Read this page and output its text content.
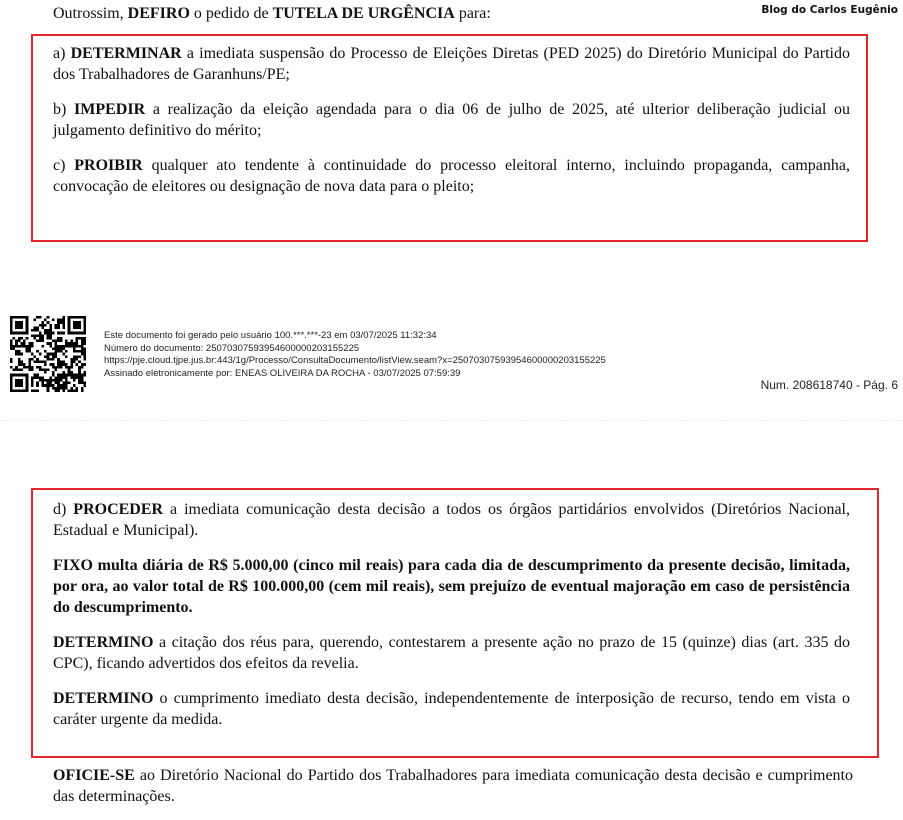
Blog do Carlos Eugênio
Outrossim, DEFIRO o pedido de TUTELA DE URGÊNCIA para:

a) DETERMINAR a imediata suspensão do Processo de Eleições Diretas (PED 2025) do Diretório Municipal do Partido dos Trabalhadores de Garanhuns/PE;

b) IMPEDIR a realização da eleição agendada para o dia 06 de julho de 2025, até ulterior deliberação judicial ou julgamento definitivo do mérito;

c) PROIBIR qualquer ato tendente à continuidade do processo eleitoral interno, incluindo propaganda, campanha, convocação de eleitores ou designação de nova data para o pleito;

Este documento foi gerado pelo usuário 100.***.***-23 em 03/07/2025 11:32:34
Número do documento: 25070307593954600000203155225
https://pje.cloud.tjpe.jus.br:443/1g/Processo/ConsultaDocumento/listView.seam?x=25070307593954600000203155225
Assinado eletronicamente por: ENEAS OLIVEIRA DA ROCHA - 03/07/2025 07:59:39
Num. 208618740 - Pág. 6

d) PROCEDER a imediata comunicação desta decisão a todos os órgãos partidários envolvidos (Diretórios Nacional, Estadual e Municipal).

FIXO multa diária de R$ 5.000,00 (cinco mil reais) para cada dia de descumprimento da presente decisão, limitada, por ora, ao valor total de R$ 100.000,00 (cem mil reais), sem prejuízo de eventual majoração em caso de persistência do descumprimento.

DETERMINO a citação dos réus para, querendo, contestarem a presente ação no prazo de 15 (quinze) dias (art. 335 do CPC), ficando advertidos dos efeitos da revelia.

DETERMINO o cumprimento imediato desta decisão, independentemente de interposição de recurso, tendo em vista o caráter urgente da medida.

OFICIE-SE ao Diretório Nacional do Partido dos Trabalhadores para imediata comunicação desta decisão e cumprimento das determinações.
